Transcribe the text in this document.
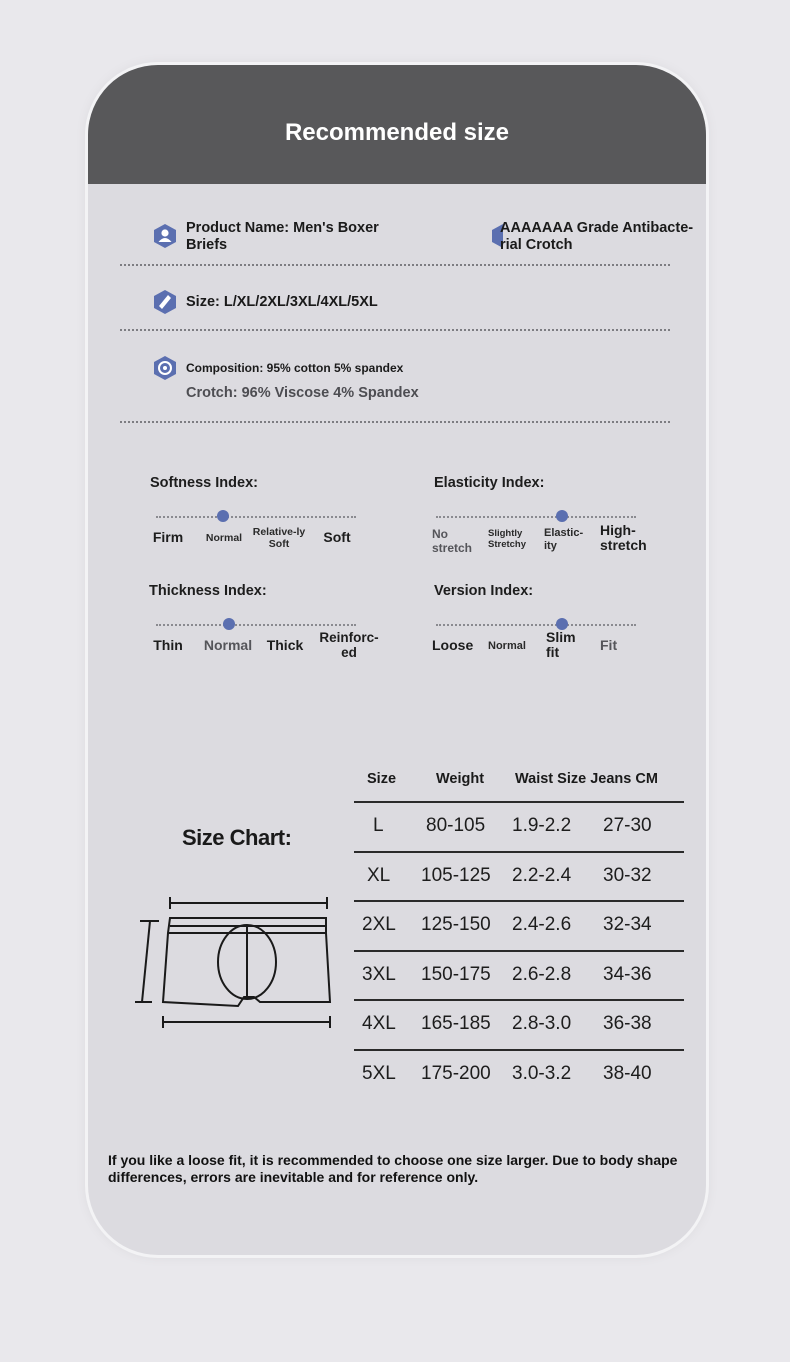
Recommended size
Product Name: Men's Boxer Briefs
AAAAAAA Grade Antibacte-rial Crotch
Size: L/XL/2XL/3XL/4XL/5XL
Composition: 95% cotton 5% spandex
Crotch: 96% Viscose 4% Spandex
Softness Index:
Firm	Normal	Relative-ly Soft	Soft
Elasticity Index:
No stretch
Slightly Stretchy
Elastic-ity
High-stretch
Thickness Index:
Thin	Normal	Thick	Reinforc-ed
Version Index:
Loose	Normal
Slim fit	Fit
Size Chart:
Size	Weight Waist Size Jeans CM
L 80-105 1.9-2.2 27-30
XL 105-125 2.2-2.4 30-32
2XL 125-150 2.4-2.6 32-34
3XL 150-175 2.6-2.8 34-36
4XL 165-185 2.8-3.0 36-38
5XL 175-200 3.0-3.2 38-40
If you like a loose fit, it is recommended to choose one size larger. Due to body shape differences, errors are inevitable and for reference only.
